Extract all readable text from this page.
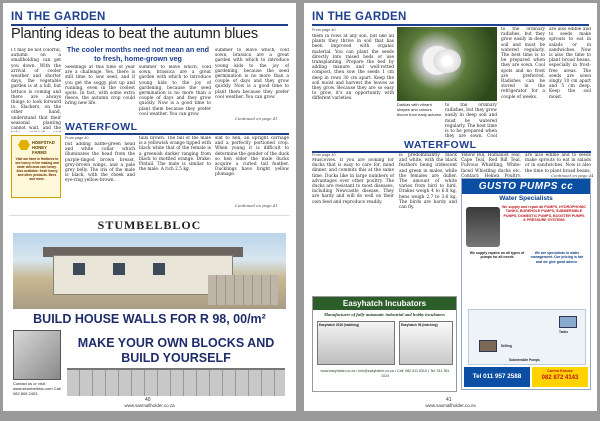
IN THE GARDEN
Planting ideas to beat the autumn blues
I t may be not colorful, autumn on a smallholding can get you down. With the arrival of cooler weather and shorter days, the vegetable garden is at a lull, but lettuce is coming and there are always things to look forward to. Slackers, on the other hand, understand that their seasonal planting cannot wait, and the
The cooler months need not mean an end to fresh, home-grown veg
Seedlings at this time of year are a challenge. Yes, there is still time to sow seed, and if you get the soggy plot up and running, even in the coolest spots. In fact, with some extra fleece, the autumn crop could bring new life.
summer to leave which, cold sown, brassica are a great garden with which to introduce young kids to the joy of gardening, because the seed germination is no more than a couple of days and they grow quickly. Now is a good time to plant them because they prefer cool weather. You can grow
summer to leave which, cold sown, brassica are a great garden with which to introduce young kids to the joy of gardening, because the seed germination is no more than a couple of days and they grow quickly. Now is a good time to plant them because they prefer cool weather. You can grow
Continued on page 41
WATERFOWL
From page 40
but adding baffle-green head and white collar which illuminates the head from the purple-tinged brown breast, grey-brown wings, and a pale grey belly. The iris of the male is black, with the cheek and eye-ring yellow-brown.
tails brown. The bill of the male is a yellowish orange tipped with black while that of the female is a greenish darker ranging from black to mottled orange. Drake: Pintail. The male is similar to the male. A rich 2.5 kg.
slat to hen, an upright carriage and a perfectly portioned crop. When young it is difficult to determine the gender of the duck so hen older the male ducks acquire a curled tail feather. Ducklings have bright yellow plumage.
Continued on page 41
HOEFSTAD HONEY FARMS
Visit our farm in Hartbees to see honey in the making and taste delicious raw honey. Also available: fresh honey and other products. Bees and more.
STUMBELBLOC
BUILD HOUSE WALLS FOR R 98, 00/m²
Contact us or visit: www.stumbelbloc.com Call 082 808 2403
MAKE YOUR OWN BLOCKS AND BUILD YOURSELF
40
www.sasmallholder.co.za
IN THE GARDEN
From page 40
them in rows at any soil, but like all plants they thrive in soil that has been improved with organic material. You can plant the seeds directly into raised beds or use transplanting. Prepare the bed by adding manure and well-rotted compost, then sow the seeds 1 cm deep in rows 30 cm apart. Keep the soil moist and harvest the leaves as they grow. Because they are so easy to grow, it's an opportunity with different varieties.
Dahlias with vibrant shapes and colours bloom from early autumn.
to the ordinary radishes, but they grow easily in deep soil and must be watered regularly. The best time is to be prepared when they are sown. Cool
to the ordinary radishes, but they grow easily in deep soil and must be watered regularly. The best time is to be prepared when they are sown. Cool spots and no frost are preferred. Radishes can be stored in the refrigerator for a couple of weeks.
are also edible and to seeds make sprouts to eat in salads or in sandwiches. Now is also the time to plant broad beans, especially in frost-free areas. The seeds are sown singly 10 cm apart and 5 cm deep. Keep the soil moist.
WATERFOWL
From page 40
Muscovies. If you are looking for ducks that is easy to care for, mind dinner, and commits this at the same time. Ducks like in large numbers of advantages over other poultry. The ducks are resistant to most diseases, including Newcastle disease. They are hardy and will do well on their own feed and reproduce readily.
is predominantly black and white, with the black feathers being iridescent and green in males, while the females are duller. The amount of white varies from bird to bird. Drakes weigh 4 to 6.8 kg, hens weigh 2.7 to 3.6 kg. The birds are hardy and can fly.
Yellow Bill, Humanist Teal, Cape Teal, Red Bill Teal, Fulvous Whistling, White-faced Whistling ducks etc. Contact: Hekwa Poultry,
are also edible and to seeds make sprouts to eat in salads or in sandwiches. Now is also the time to plant broad beans,
Continued on page 44
GUSTO PUMPS cc
Water Specialists
We supply and repair all PUMPS, HYDROPHONIC TANKS, BOREHOLE PUMPS, SUBMERSIBLE PUMPS, DOMESTIC PUMPS, BOOSTER PUMPS & PRESSURE SYSTEMS
We supply repairs on all types of pumps for all needs
We are specialists in water management. Our pricing is fair and we give good advice.
Tanks
Drilling
Submersible Pumps
Tel 011 957 2588
Carina Krause
082 872 4143
Easyhatch Incubators
Manufacturer of fully automatic industrial and hobby incubators
Easyhatch 2016 (hatching)	Easyhatch 56 (hatching)
www.easyhatch.co.za • info@easyhatch.co.za • Cell: 082 611 5310 • Tel: 011 391 1024
41
www.sasmallholder.co.za
